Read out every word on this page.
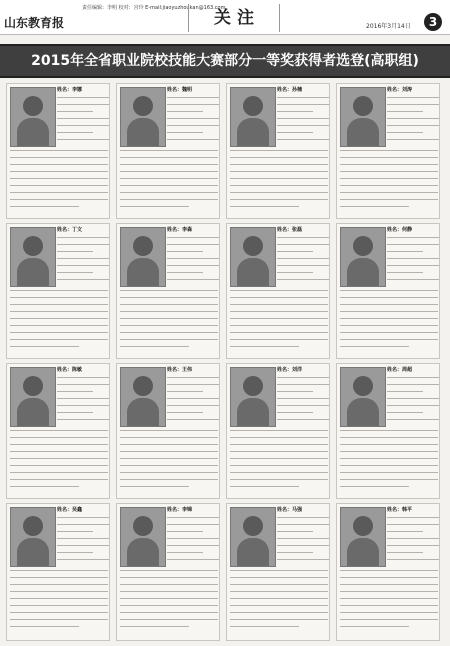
山东教育报
责任编辑：李明 校对：宫玲 E-mail:jiaoyuzhoukan@163.com
关 注	2016年3月14日	3
2015年全省职业院校技能大赛部分一等奖获得者选登(高职组)
姓名：李娜	姓名：魏明	姓名：孙楠	姓名：刘涛
姓名：丁文	姓名：李森	姓名：张磊	姓名：何静
姓名：陈敏	姓名：王伟	姓名：刘洋	姓名：周超
姓名：吴鑫	姓名：李锦	姓名：马强	姓名：韩平
